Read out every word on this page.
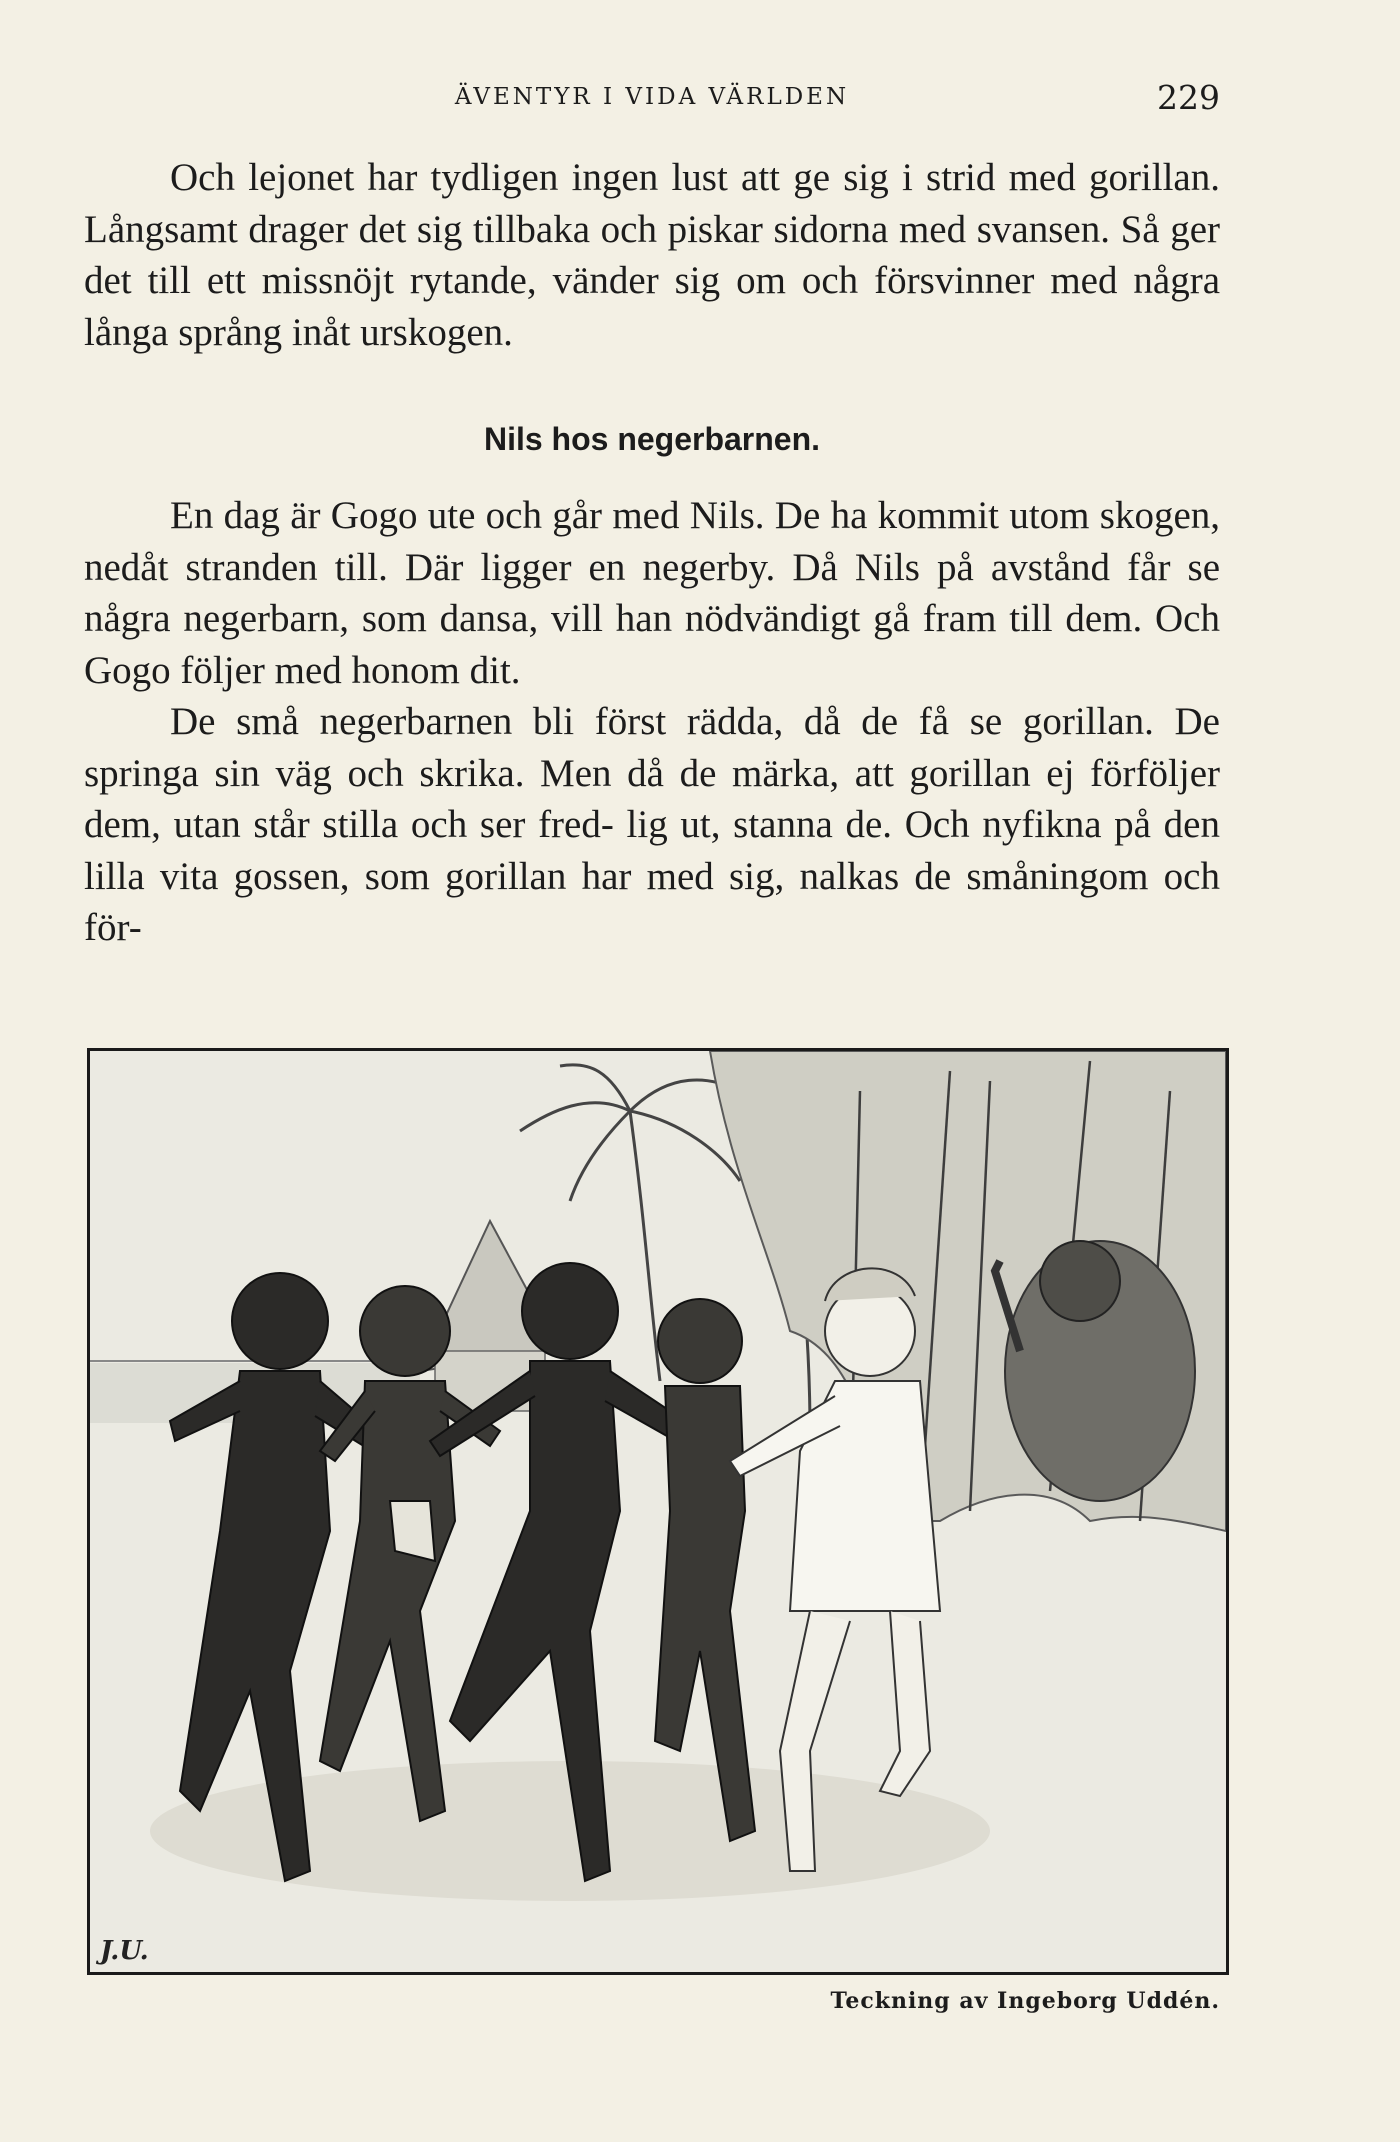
ÄVENTYR I VIDA VÄRLDEN	229

Och lejonet har tydligen ingen lust att ge sig i strid med gorillan. Långsamt drager det sig tillbaka och piskar sidorna med svansen. Så ger det till ett missnöjt rytande, vänder sig om och försvinner med några långa språng inåt urskogen.

Nils hos negerbarnen.

En dag är Gogo ute och går med Nils. De ha kommit utom skogen, nedåt stranden till. Där ligger en negerby. Då Nils på avstånd får se några negerbarn, som dansa, vill han nödvändigt gå fram till dem. Och Gogo följer med honom dit.

De små negerbarnen bli först rädda, då de få se gorillan. De springa sin väg och skrika. Men då de märka, att gorillan ej förföljer dem, utan står stilla och ser fred- lig ut, stanna de. Och nyfikna på den lilla vita gossen, som gorillan har med sig, nalkas de småningom och för-

J.U.
Teckning av Ingeborg Uddén.
